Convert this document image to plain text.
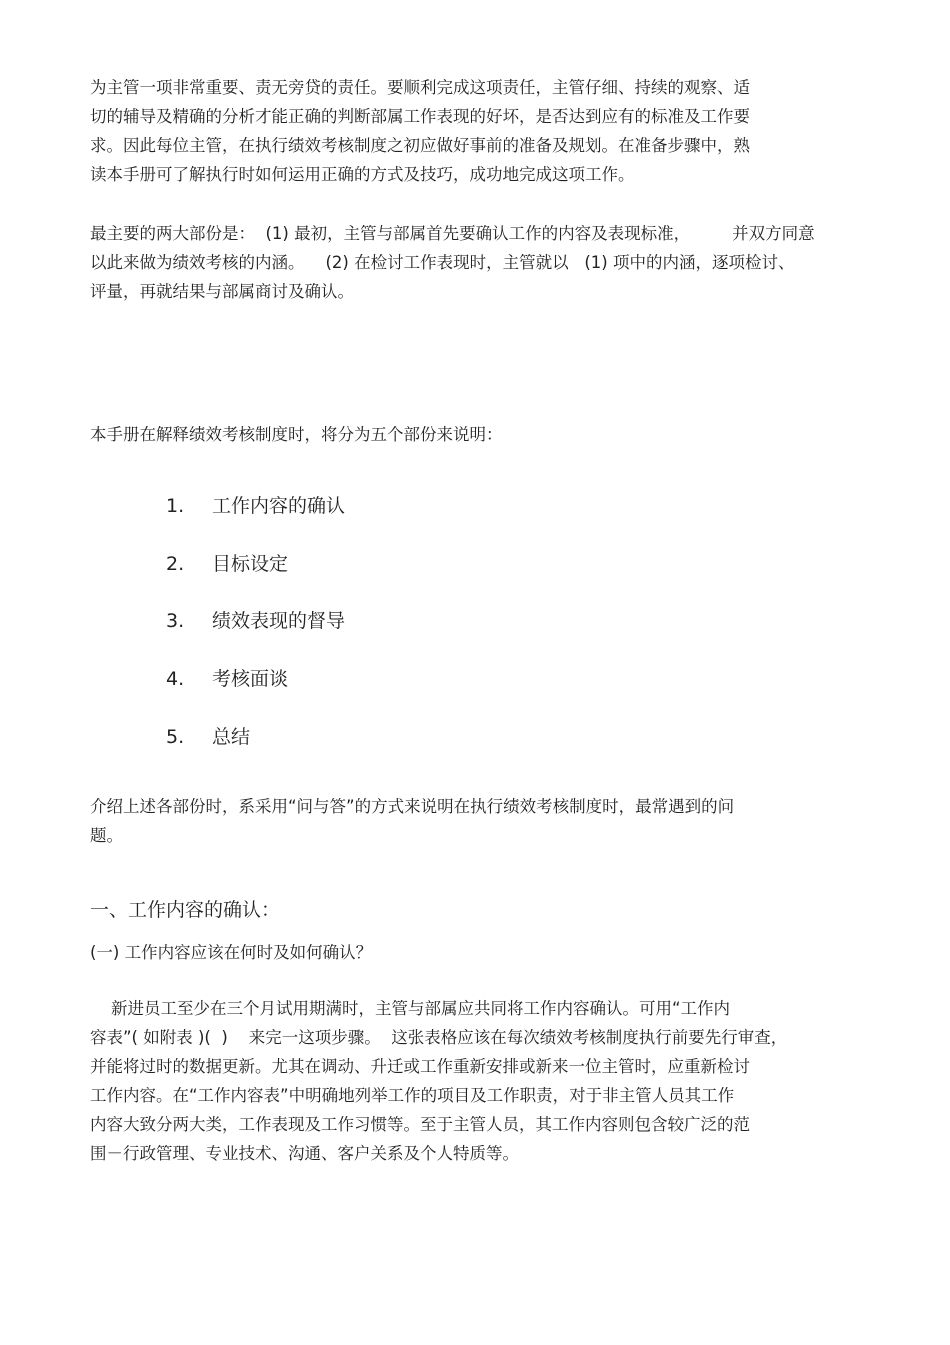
为主管一项非常重要、责无旁贷的责任。要顺利完成这项责任，主管仔细、持续的观察、适
切的辅导及精确的分析才能正确的判断部属工作表现的好坏，是否达到应有的标准及工作要
求。因此每位主管，在执行绩效考核制度之初应做好事前的准备及规划。在准备步骤中，熟
读本手册可了解执行时如何运用正确的方式及技巧，成功地完成这项工作。
最主要的两大部份是：  (1) 最初，主管与部属首先要确认工作的内容及表现标准，        并双方同意
以此来做为绩效考核的内涵。    (2) 在检讨工作表现时，主管就以   (1) 项中的内涵，逐项检讨、
评量，再就结果与部属商讨及确认。
本手册在解释绩效考核制度时，将分为五个部份来说明：
1. 工作内容的确认
2. 目标设定
3. 绩效表现的督导
4. 考核面谈
5. 总结
介绍上述各部份时，系采用“问与答”的方式来说明在执行绩效考核制度时，最常遇到的问
题。
一、工作内容的确认：
(一) 工作内容应该在何时及如何确认？
新进员工至少在三个月试用期满时，主管与部属应共同将工作内容确认。可用“工作内
容表”( 如附表 )(  )    来完一这项步骤。  这张表格应该在每次绩效考核制度执行前要先行审查，
并能将过时的数据更新。尤其在调动、升迁或工作重新安排或新来一位主管时，应重新检讨
工作内容。在“工作内容表”中明确地列举工作的项目及工作职责，对于非主管人员其工作
内容大致分两大类，工作表现及工作习惯等。至于主管人员，其工作内容则包含较广泛的范
围－行政管理、专业技术、沟通、客户关系及个人特质等。
